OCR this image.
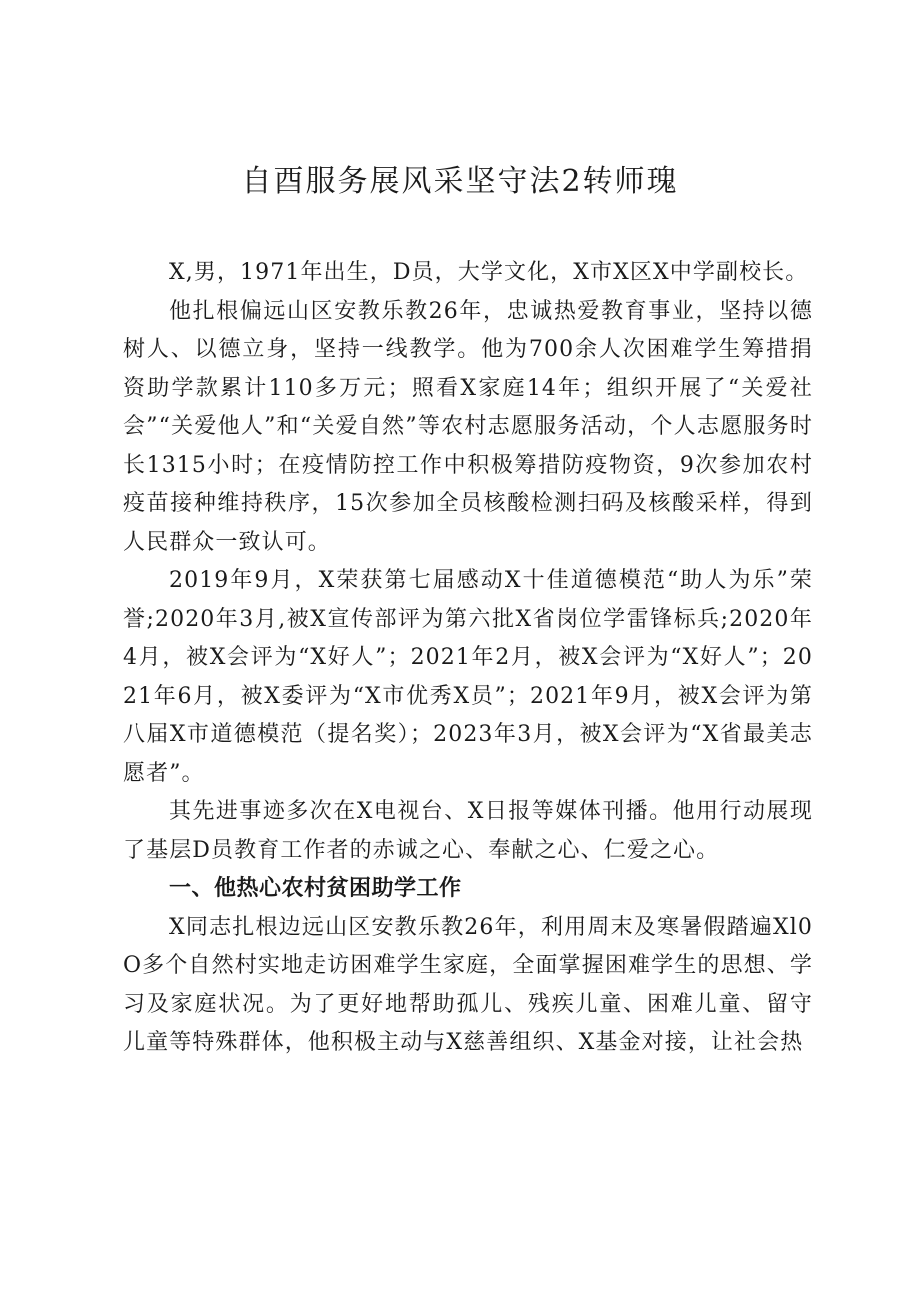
自酉服务展风采坚守法2转师瑰

X,男，1971年出生，D员，大学文化，X市X区X中学副校长。

他扎根偏远山区安教乐教26年，忠诚热爱教育事业，坚持以德树人、以德立身，坚持一线教学。他为700余人次困难学生筹措捐资助学款累计110多万元；照看X家庭14年；组织开展了“关爱社会”“关爱他人”和“关爱自然”等农村志愿服务活动，个人志愿服务时长1315小时；在疫情防控工作中积极筹措防疫物资，9次参加农村疫苗接种维持秩序，15次参加全员核酸检测扫码及核酸采样，得到人民群众一致认可。

2019年9月，X荣获第七届感动X十佳道德模范“助人为乐”荣誉;2020年3月,被X宣传部评为第六批X省岗位学雷锋标兵;2020年4月，被X会评为“X好人”；2021年2月，被X会评为“X好人”；2021年6月，被X委评为“X市优秀X员”；2021年9月，被X会评为第八届X市道德模范（提名奖）；2023年3月，被X会评为“X省最美志愿者”。

其先进事迹多次在X电视台、X日报等媒体刊播。他用行动展现了基层D员教育工作者的赤诚之心、奉献之心、仁爱之心。

一、他热心农村贫困助学工作

X同志扎根边远山区安教乐教26年，利用周末及寒暑假踏遍Xl0O多个自然村实地走访困难学生家庭，全面掌握困难学生的思想、学习及家庭状况。为了更好地帮助孤儿、残疾儿童、困难儿童、留守儿童等特殊群体，他积极主动与X慈善组织、X基金对接，让社会热
